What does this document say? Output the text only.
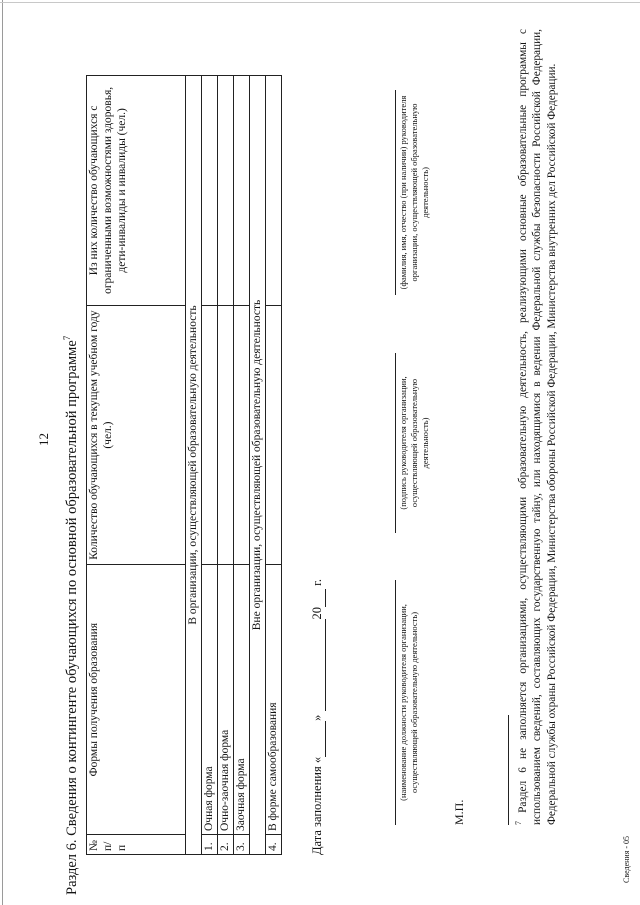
12 Раздел 6. Сведения о контингенте обучающихся по основной образовательной программе$^7$
№ п/п	Формы получения образования	Количество обучающихся в текущем учебном году (чел.)	Из них количество обучающихся с ограниченными возможностями здоровья, дети-инвалиды и инвалиды (чел.)
В организации, осуществляющей образовательную деятельность			
1.	Очная форма		
2.	Очно-заочная форма		
3.	Заочная форма		
Вне организации, осуществляющей образовательную деятельность			
4.	В форме самообразования		Дата заполнения « »  20  г.
(наименование должности руководителя организации, осуществляющей образовательную деятельность)
(подпись руководителя организации, осуществляющей образовательную деятельность)
(фамилия, имя, отчество (при наличии) руководителя организации, осуществляющей образовательную деятельность)
М.П.	$^7$ Раздел 6 не заполняется организациями, осуществляющими образовательную деятельность, реализующими основные образовательные программы с использованием сведений, составляющих государственную тайну, или находящимися в ведении Федеральной службы безопасности Российской Федерации, Федеральной службы охраны Российской Федерации, Министерства обороны Российской Федерации, Министерства внутренних дел Российской Федерации.
Сведения - 05
